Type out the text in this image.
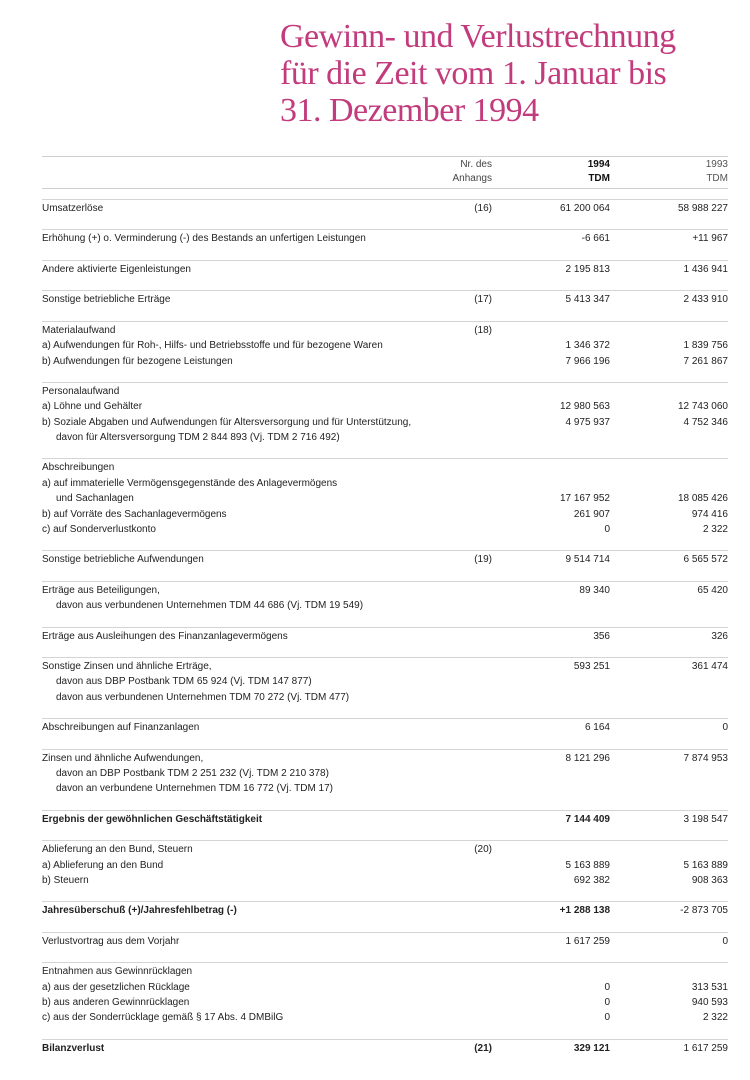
Gewinn- und Verlustrechnung
für die Zeit vom 1. Januar bis
31. Dezember 1994
Nr. des
Anhangs
1994
TDM
1993
TDM
Umsatzerlöse	(16)	61 200 064	58 988 227
Erhöhung (+) o. Verminderung (-) des Bestands an unfertigen Leistungen	-6 661	+11 967
Andere aktivierte Eigenleistungen	2 195 813	1 436 941
Sonstige betriebliche Erträge	(17)	5 413 347	2 433 910
Materialaufwand	(18)
a) Aufwendungen für Roh-, Hilfs- und Betriebsstoffe und für bezogene Waren	1 346 372	1 839 756
b) Aufwendungen für bezogene Leistungen	7 966 196	7 261 867
Personalaufwand
a) Löhne und Gehälter	12 980 563	12 743 060
b) Soziale Abgaben und Aufwendungen für Altersversorgung und für Unterstützung,	4 975 937	4 752 346
davon für Altersversorgung TDM 2 844 893 (Vj. TDM 2 716 492)
Abschreibungen
a) auf immaterielle Vermögensgegenstände des Anlagevermögens
und Sachanlagen	17 167 952	18 085 426
b) auf Vorräte des Sachanlagevermögens	261 907	974 416
c) auf Sonderverlustkonto	0	2 322
Sonstige betriebliche Aufwendungen	(19)	9 514 714	6 565 572
Erträge aus Beteiligungen,	89 340	65 420
davon aus verbundenen Unternehmen TDM 44 686 (Vj. TDM 19 549)
Erträge aus Ausleihungen des Finanzanlagevermögens	356	326
Sonstige Zinsen und ähnliche Erträge,	593 251	361 474
davon aus DBP Postbank TDM 65 924 (Vj. TDM 147 877)
davon aus verbundenen Unternehmen TDM 70 272 (Vj. TDM 477)
Abschreibungen auf Finanzanlagen	6 164	0
Zinsen und ähnliche Aufwendungen,	8 121 296	7 874 953
davon an DBP Postbank TDM 2 251 232 (Vj. TDM 2 210 378)
davon an verbundene Unternehmen TDM 16 772 (Vj. TDM 17)
Ergebnis der gewöhnlichen Geschäftstätigkeit	7 144 409	3 198 547
Ablieferung an den Bund, Steuern	(20)
a) Ablieferung an den Bund	5 163 889	5 163 889
b) Steuern	692 382	908 363
Jahresüberschuß (+)/Jahresfehlbetrag (-)	+1 288 138	-2 873 705
Verlustvortrag aus dem Vorjahr	1 617 259	0
Entnahmen aus Gewinnrücklagen
a) aus der gesetzlichen Rücklage	0	313 531
b) aus anderen Gewinnrücklagen	0	940 593
c) aus der Sonderrücklage gemäß § 17 Abs. 4 DMBilG	0	2 322
Bilanzverlust	(21)	329 121	1 617 259
